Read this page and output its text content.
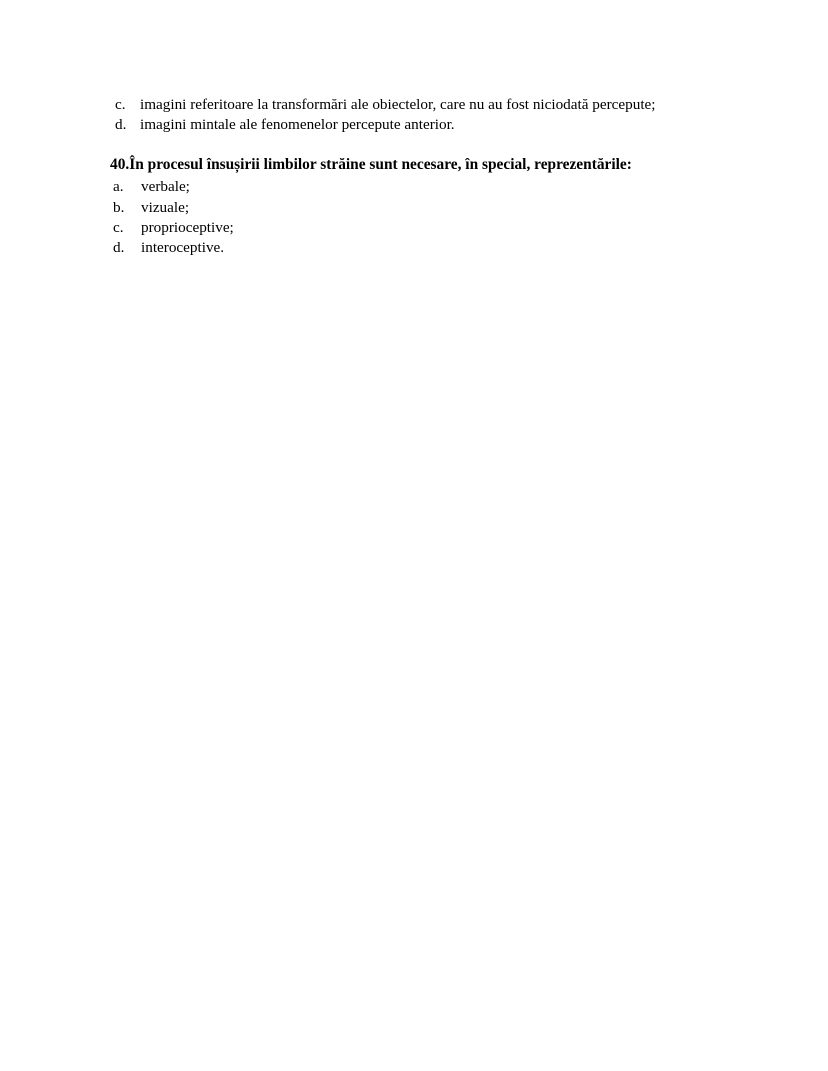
c. imagini referitoare la transformări ale obiectelor, care nu au fost niciodată percepute;
d. imagini mintale ale fenomenelor percepute anterior.
40. În procesul însușirii limbilor străine sunt necesare, în special, reprezentările:
a.	verbale;
b.	vizuale;
c.	proprioceptive;
d.	interoceptive.
